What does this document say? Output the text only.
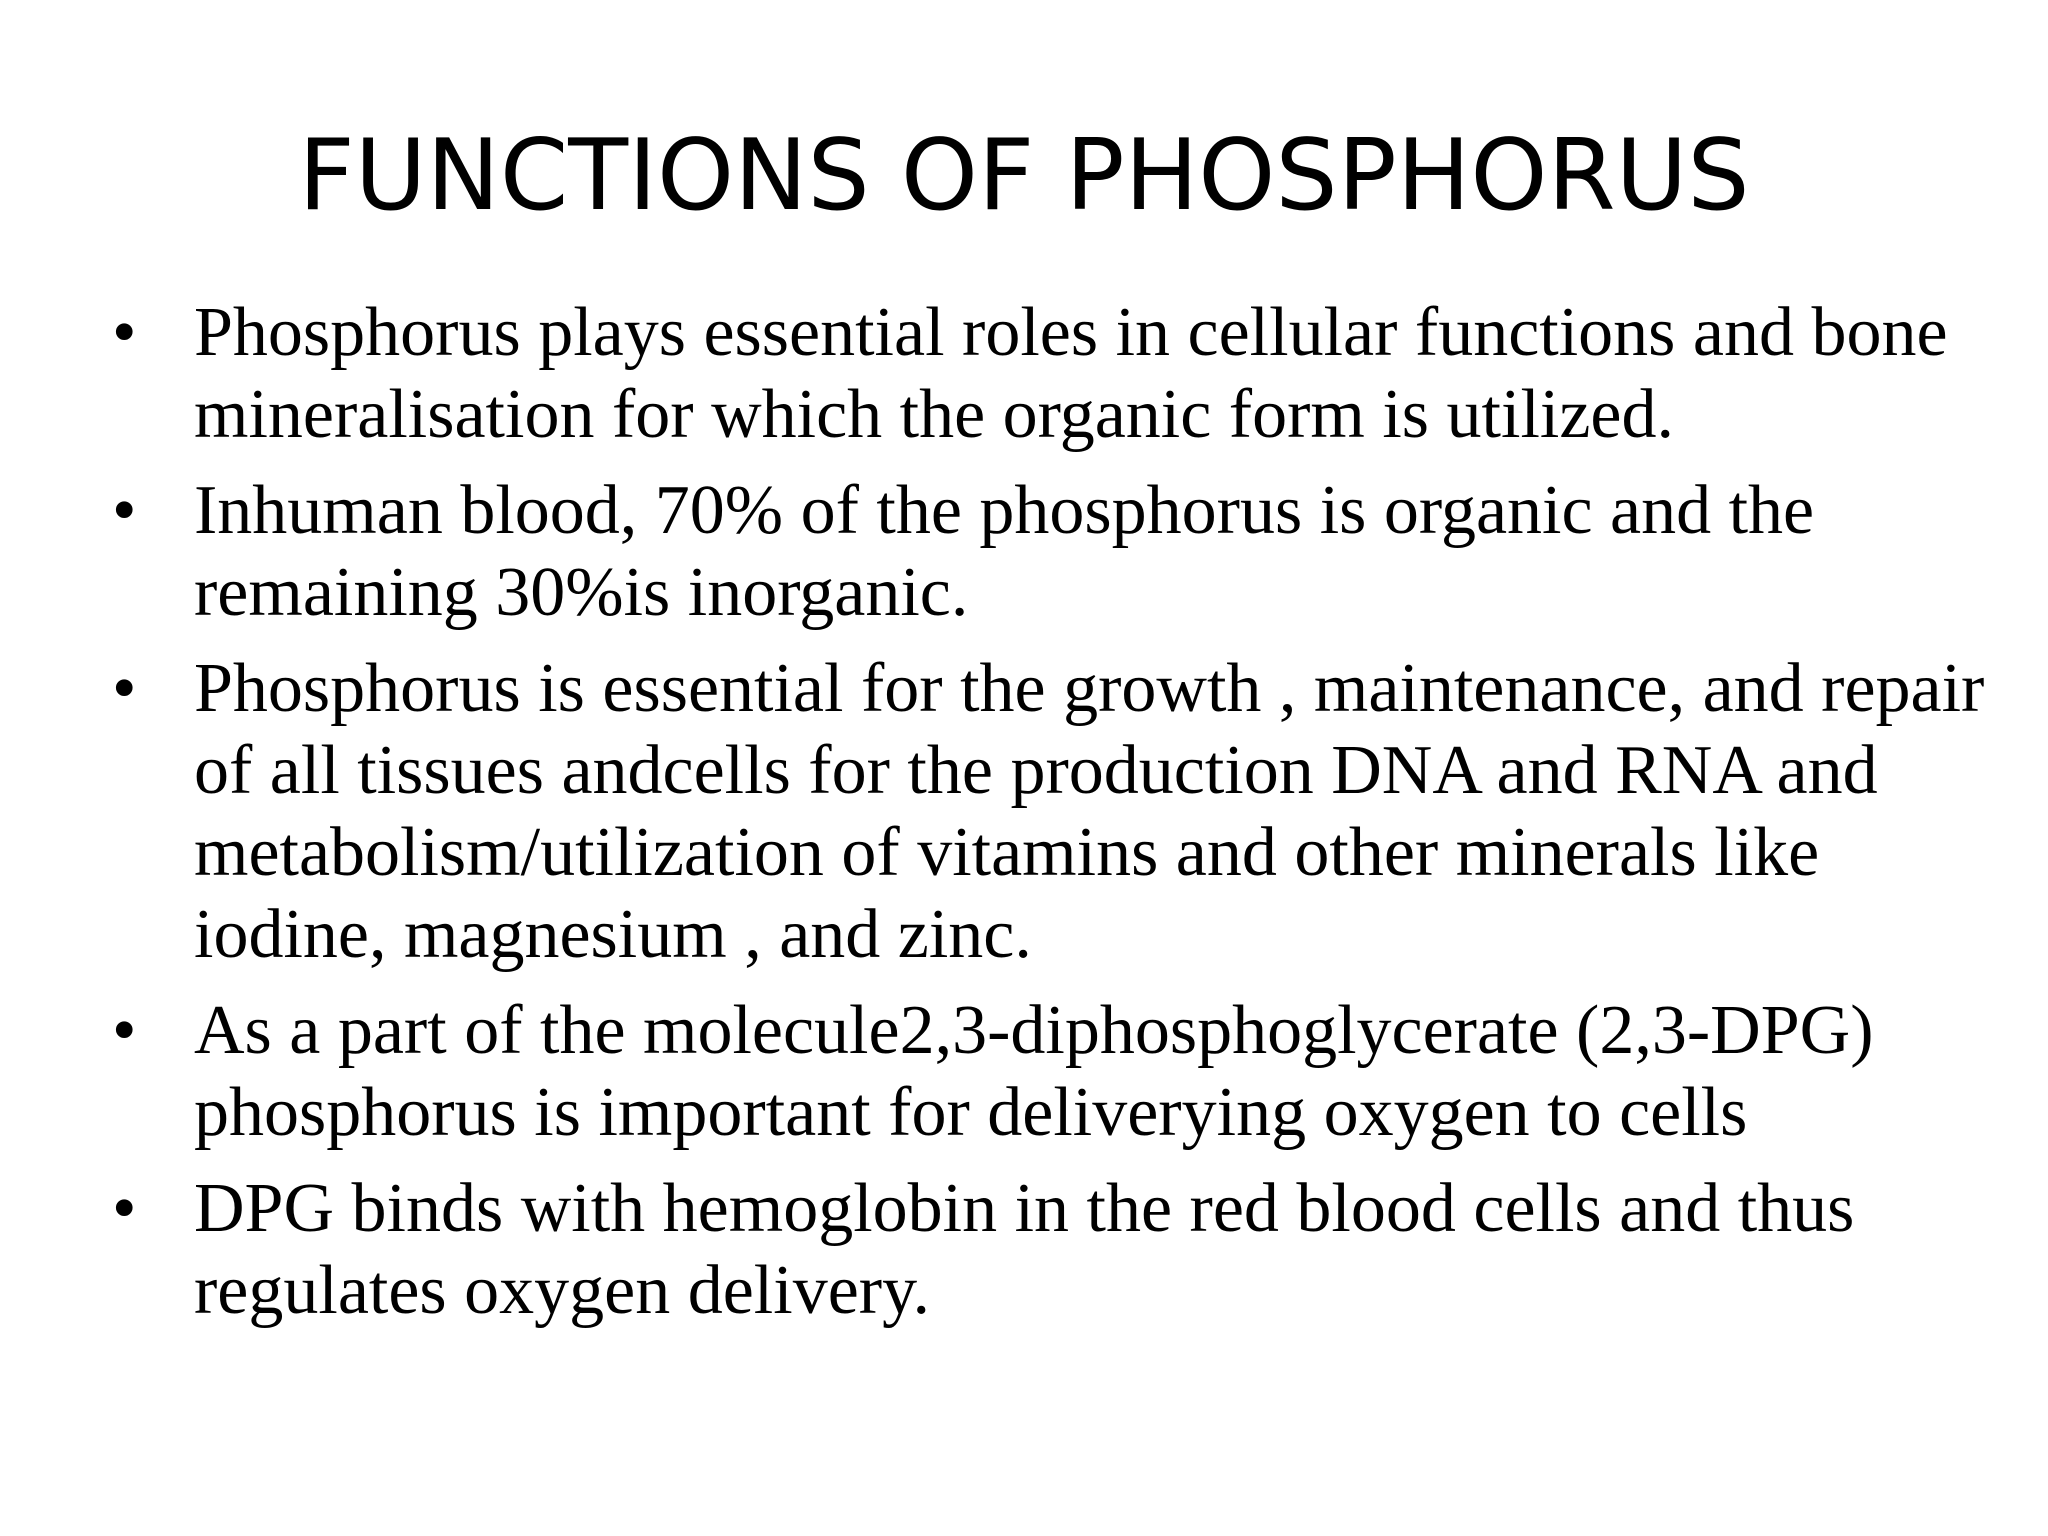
FUNCTIONS OF PHOSPHORUS
• Phosphorus plays essential roles in cellular functions and bone mineralisation for which the organic form is utilized.
• Inhuman blood, 70% of the phosphorus is organic and the remaining 30%is inorganic.
• Phosphorus is essential for the growth , maintenance, and repair of all tissues andcells for the production DNA and RNA and metabolism/utilization of vitamins and other minerals like iodine, magnesium , and zinc.
• As a part of the molecule2,3-diphosphoglycerate (2,3-DPG) phosphorus is important for deliverying oxygen to cells
• DPG binds with hemoglobin in the red blood cells and thus regulates oxygen delivery.
